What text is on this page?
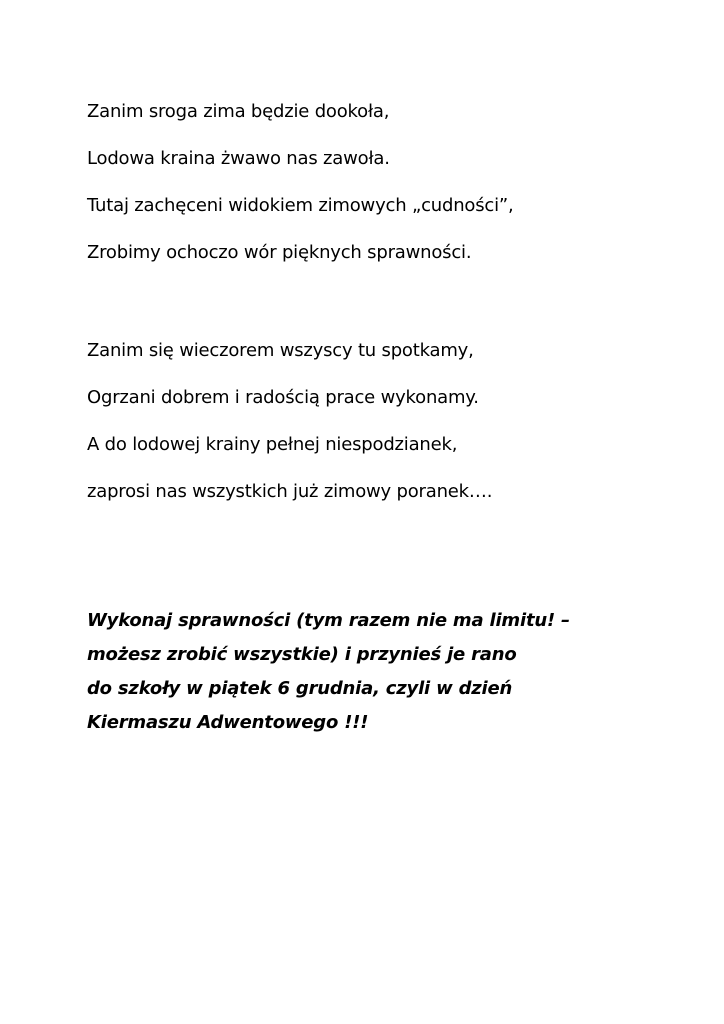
Zanim sroga zima będzie dookoła,
Lodowa kraina żwawo nas zawoła.
Tutaj zachęceni widokiem zimowych „cudności”,
Zrobimy ochoczo wór pięknych sprawności.
Zanim się wieczorem wszyscy tu spotkamy,
Ogrzani dobrem i radością prace wykonamy.
A do lodowej krainy pełnej niespodzianek,
zaprosi nas wszystkich już zimowy poranek….
Wykonaj sprawności (tym razem nie ma limitu! –
możesz zrobić wszystkie) i przynieś je rano
do szkoły w piątek 6 grudnia, czyli w dzień
Kiermaszu Adwentowego !!!
